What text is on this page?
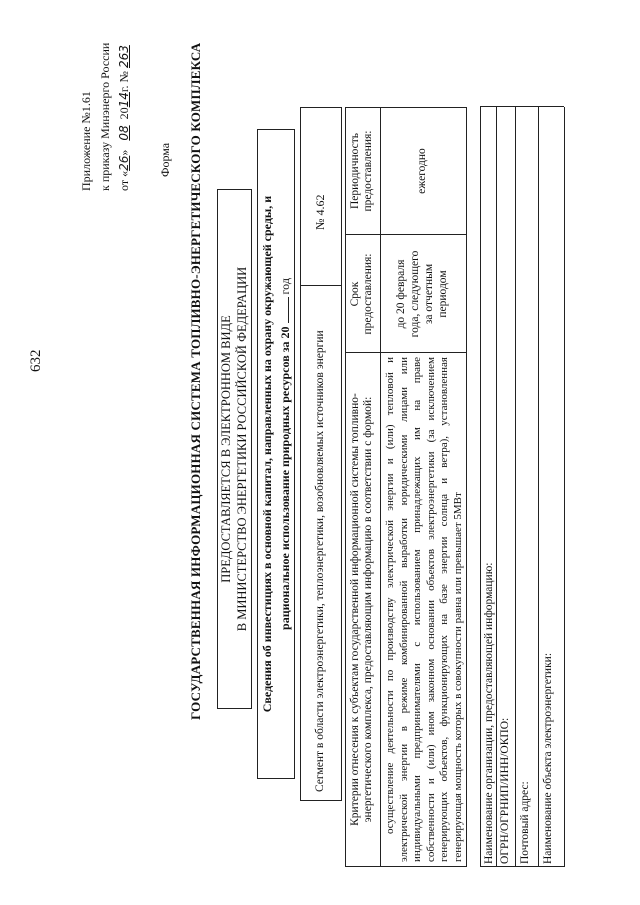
632
Приложение №1.61 к приказу Минэнерго России от «26» 082014г. № 263
Форма ГОСУДАРСТВЕННАЯ ИНФОРМАЦИОННАЯ СИСТЕМА ТОПЛИВНО-ЭНЕРГЕТИЧЕСКОГО КОМПЛЕКСА ПРЕДОСТАВЛЯЕТСЯ В ЭЛЕКТРОННОМ ВИДЕ В МИНИСТЕРСТВО ЭНЕРГЕТИКИ РОССИЙСКОЙ ФЕДЕРАЦИИ Сведения об инвестициях в основной капитал, направленных на охрану окружающей среды, и рациональное использование природных ресурсов за 20  год
Сегмент в области электроэнергетики, теплоэнергетики, возобновляемых источников энергии
№ 4.62
Критерии отнесения к субъектам государственной информационной системы топливно- энергетического комплекса, предоставляющим информацию в соответствии с формой:
Срок предоставления:
Периодичность предоставления:
осуществление деятельности по производству электрической энергии и (или) тепловой и электрической энергии в режиме комбинированной выработки юридическими лицами или индивидуальными предпринимателями с использованием принадлежащих им на праве собственности и (или) ином законном основании объектов электроэнергетики (за исключением генерирующих объектов, функционирующих на базе энергии солнца и ветра), установленная генерирующая мощность которых в совокупности равна или превышает 5МВт
до 20 февраля года, следующего за отчетным периодом
ежегодно
Наименование организации, предоставляющей информацию: ОГРН/ОГРНИП/ИНН/ОКПО: Почтовый адрес: Наименование объекта электроэнергетики:
